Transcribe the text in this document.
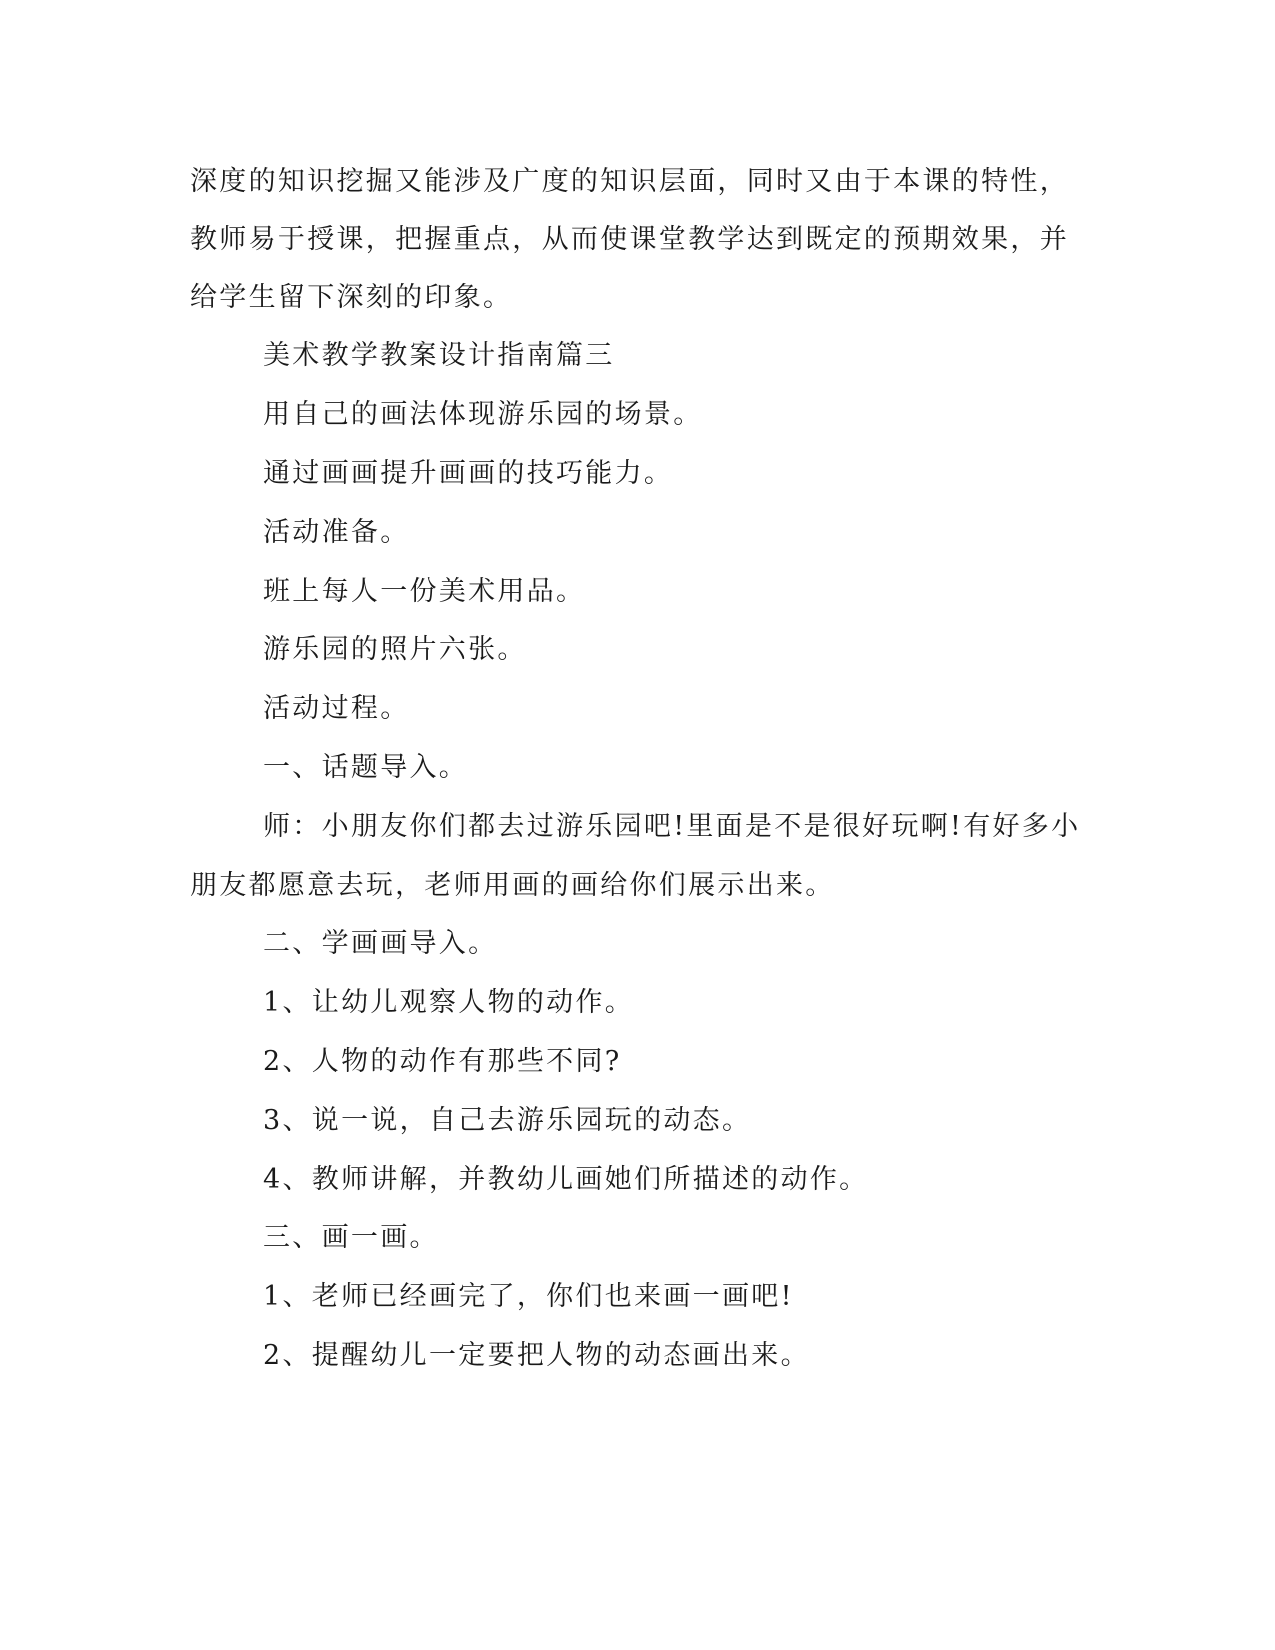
深度的知识挖掘又能涉及广度的知识层面，同时又由于本课的特性，
教师易于授课，把握重点，从而使课堂教学达到既定的预期效果，并
给学生留下深刻的印象。
美术教学教案设计指南篇三
用自己的画法体现游乐园的场景。
通过画画提升画画的技巧能力。
活动准备。
班上每人一份美术用品。
游乐园的照片六张。
活动过程。
一、话题导入。
师：小朋友你们都去过游乐园吧!里面是不是很好玩啊!有好多小
朋友都愿意去玩，老师用画的画给你们展示出来。
二、学画画导入。
1、让幼儿观察人物的动作。
2、人物的动作有那些不同?
3、说一说，自己去游乐园玩的动态。
4、教师讲解，并教幼儿画她们所描述的动作。
三、画一画。
1、老师已经画完了，你们也来画一画吧!
2、提醒幼儿一定要把人物的动态画出来。
